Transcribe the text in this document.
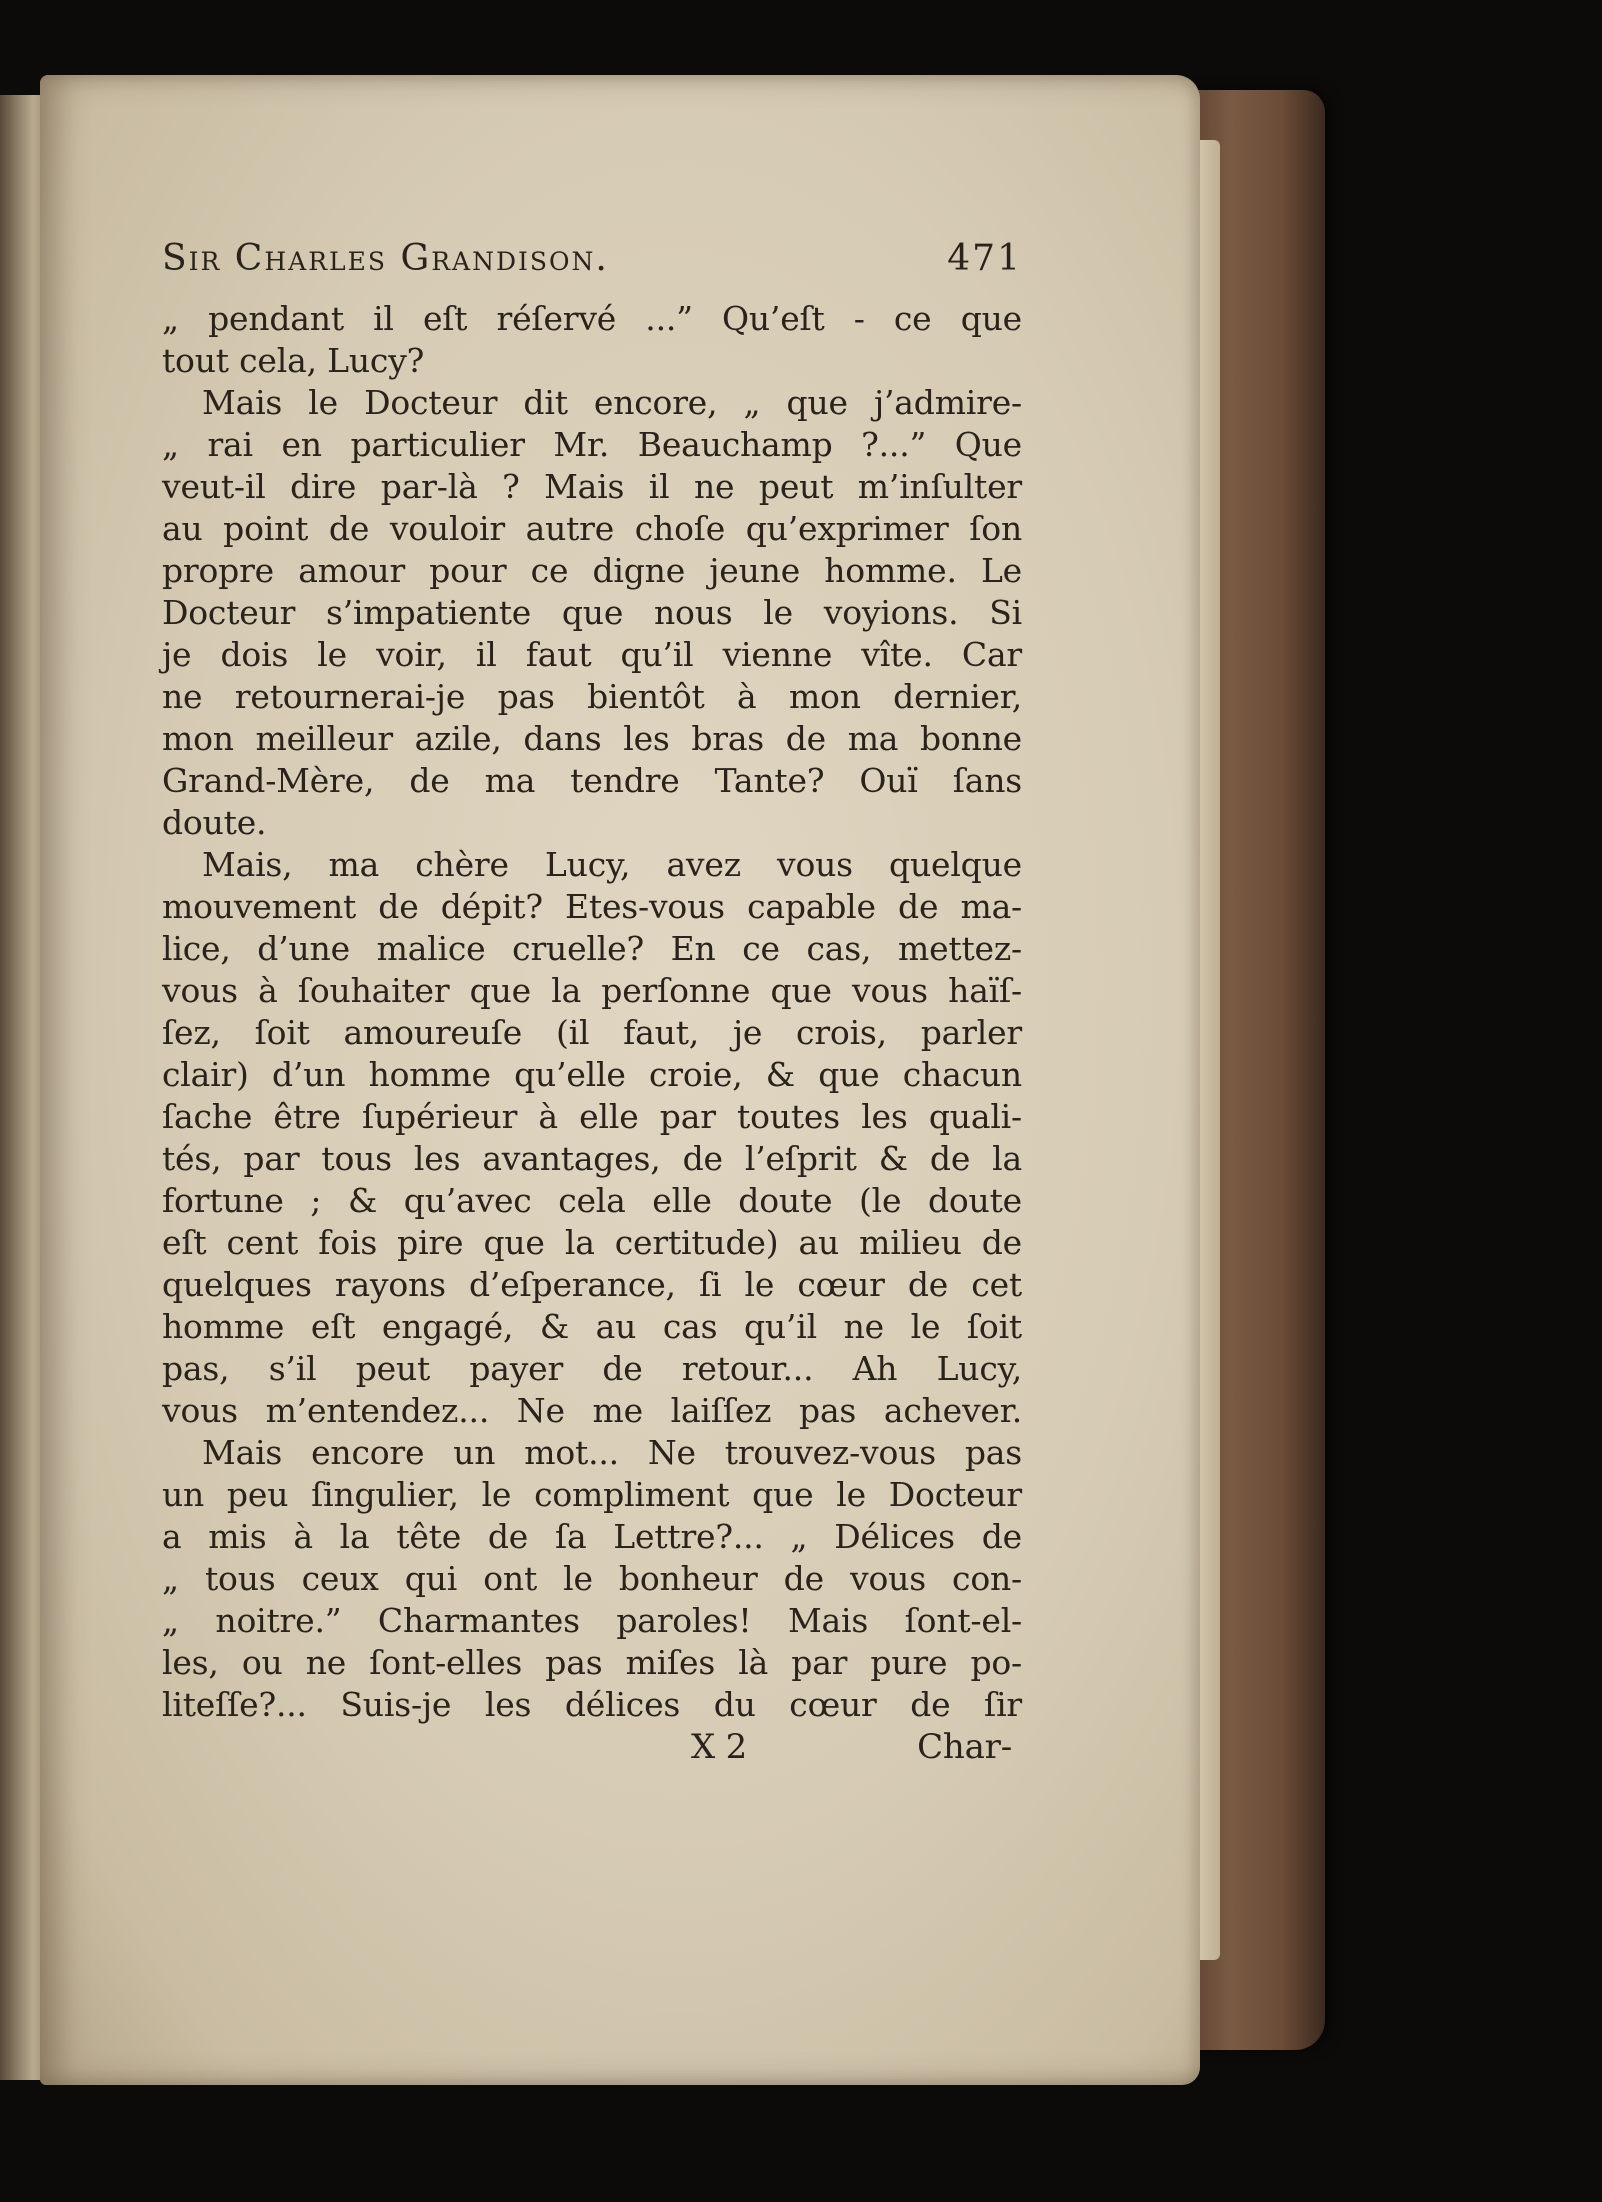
Sir Charles Grandison.	471
„ pendant il eſt réſervé ...” Qu’eſt - ce que
tout cela, Lucy?
Mais le Docteur dit encore, „ que j’admire-
„ rai en particulier Mr. Beauchamp ?...” Que
veut-il dire par-là ? Mais il ne peut m’inſulter
au point de vouloir autre choſe qu’exprimer ſon
propre amour pour ce digne jeune homme. Le
Docteur s’impatiente que nous le voyions. Si
je dois le voir, il faut qu’il vienne vîte. Car
ne retournerai-je pas bientôt à mon dernier,
mon meilleur azile, dans les bras de ma bonne
Grand-Mère, de ma tendre Tante? Ouï ſans
doute.
Mais, ma chère Lucy, avez vous quelque
mouvement de dépit? Etes-vous capable de ma-
lice, d’une malice cruelle? En ce cas, mettez-
vous à ſouhaiter que la perſonne que vous haïſ-
ſez, ſoit amoureuſe (il faut, je crois, parler
clair) d’un homme qu’elle croie, & que chacun
ſache être ſupérieur à elle par toutes les quali-
tés, par tous les avantages, de l’eſprit & de la
fortune ; & qu’avec cela elle doute (le doute
eſt cent fois pire que la certitude) au milieu de
quelques rayons d’eſperance, ſi le cœur de cet
homme eſt engagé, & au cas qu’il ne le ſoit
pas, s’il peut payer de retour... Ah Lucy,
vous m’entendez... Ne me laiſſez pas achever.
Mais encore un mot... Ne trouvez-vous pas
un peu ſingulier, le compliment que le Docteur
a mis à la tête de ſa Lettre?... „ Délices de
„ tous ceux qui ont le bonheur de vous con-
„ noitre.” Charmantes paroles! Mais ſont-el-
les, ou ne ſont-elles pas miſes là par pure po-
liteſſe?... Suis-je les délices du cœur de ſir
X 2	Char-
